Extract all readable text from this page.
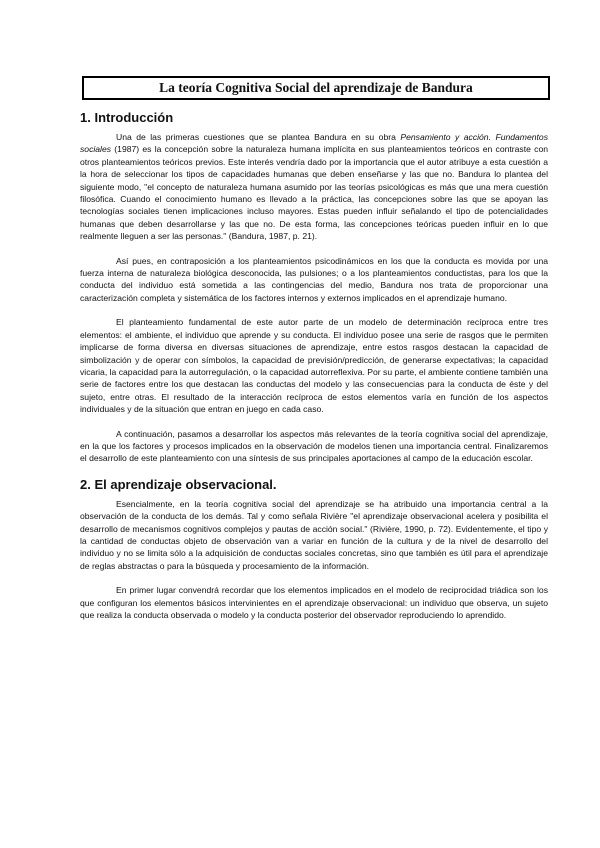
La teoría Cognitiva Social del aprendizaje de Bandura
1. Introducción

Una de las primeras cuestiones que se plantea Bandura en su obra Pensamiento y acción. Fundamentos sociales (1987) es la concepción sobre la naturaleza humana implícita en sus planteamientos teóricos en contraste con otros planteamientos teóricos previos. Este interés vendría dado por la importancia que el autor atribuye a esta cuestión a la hora de seleccionar los tipos de capacidades humanas que deben enseñarse y las que no. Bandura lo plantea del siguiente modo, "el concepto de naturaleza humana asumido por las teorías psicológicas es más que una mera cuestión filosófica. Cuando el conocimiento humano es llevado a la práctica, las concepciones sobre las que se apoyan las tecnologías sociales tienen implicaciones incluso mayores. Estas pueden influir señalando el tipo de potencialidades humanas que deben desarrollarse y las que no. De esta forma, las concepciones teóricas pueden influir en lo que realmente lleguen a ser las personas." (Bandura, 1987, p. 21).

Así pues, en contraposición a los planteamientos psicodinámicos en los que la conducta es movida por una fuerza interna de naturaleza biológica desconocida, las pulsiones; o a los planteamientos conductistas, para los que la conducta del individuo está sometida a las contingencias del medio, Bandura nos trata de proporcionar una caracterización completa y sistemática de los factores internos y externos implicados en el aprendizaje humano.

El planteamiento fundamental de este autor parte de un modelo de determinación recíproca entre tres elementos: el ambiente, el individuo que aprende y su conducta. El individuo posee una serie de rasgos que le permiten implicarse de forma diversa en diversas situaciones de aprendizaje, entre estos rasgos destacan la capacidad de simbolización y de operar con símbolos, la capacidad de previsión/predicción, de generarse expectativas; la capacidad vicaria, la capacidad para la autorregulación, o la capacidad autorreflexiva. Por su parte, el ambiente contiene también una serie de factores entre los que destacan las conductas del modelo y las consecuencias para la conducta de éste y del sujeto, entre otras. El resultado de la interacción recíproca de estos elementos varía en función de los aspectos individuales y de la situación que entran en juego en cada caso.

A continuación, pasamos a desarrollar los aspectos más relevantes de la teoría cognitiva social del aprendizaje, en la que los factores y procesos implicados en la observación de modelos tienen una importancia central. Finalizaremos el desarrollo de este planteamiento con una síntesis de sus principales aportaciones al campo de la educación escolar.

2. El aprendizaje observacional.

Esencialmente, en la teoría cognitiva social del aprendizaje se ha atribuido una importancia central a la observación de la conducta de los demás. Tal y como señala Rivière "el aprendizaje observacional acelera y posibilita el desarrollo de mecanismos cognitivos complejos y pautas de acción social." (Rivière, 1990, p. 72). Evidentemente, el tipo y la cantidad de conductas objeto de observación van a variar en función de la cultura y de la nivel de desarrollo del individuo y no se limita sólo a la adquisición de conductas sociales concretas, sino que también es útil para el aprendizaje de reglas abstractas o para la búsqueda y procesamiento de la información.

En primer lugar convendrá recordar que los elementos implicados en el modelo de reciprocidad triádica son los que configuran los elementos básicos intervinientes en el aprendizaje observacional: un individuo que observa, un sujeto que realiza la conducta observada o modelo y la conducta posterior del observador reproduciendo lo aprendido.
